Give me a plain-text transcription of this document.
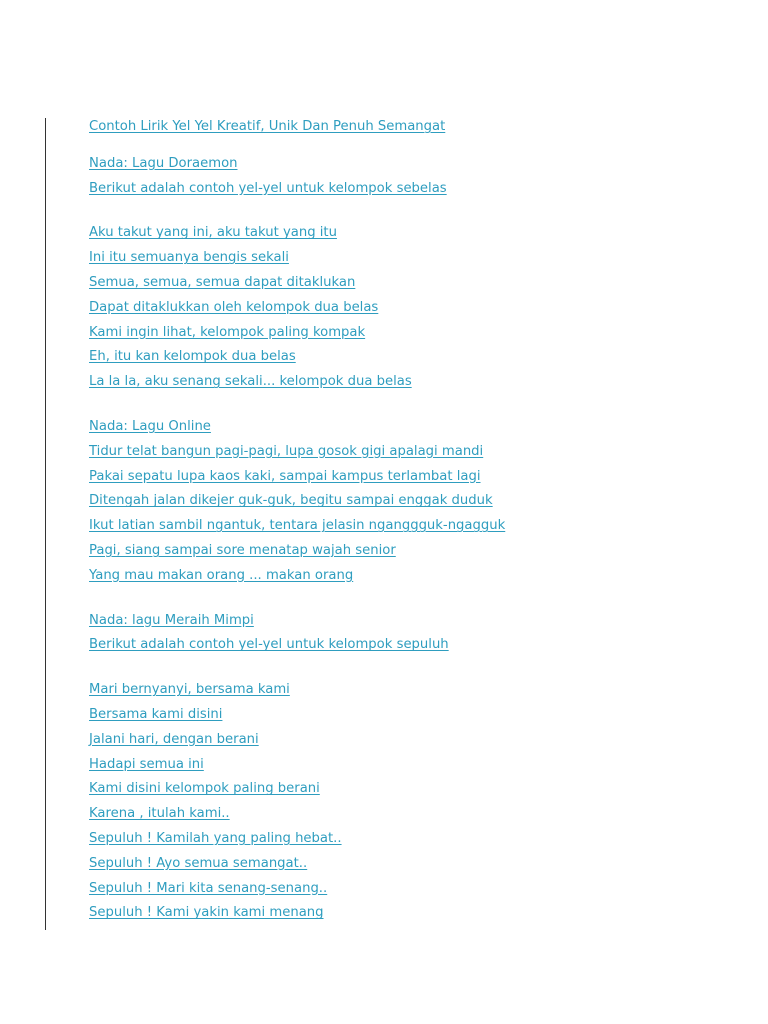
Contoh Lirik Yel Yel Kreatif, Unik Dan Penuh Semangat
Nada: Lagu Doraemon
Berikut adalah contoh yel-yel untuk kelompok sebelas
Aku takut yang ini, aku takut yang itu
Ini itu semuanya bengis sekali
Semua, semua, semua dapat ditaklukan
Dapat ditaklukkan oleh kelompok dua belas
Kami ingin lihat, kelompok paling kompak
Eh, itu kan kelompok dua belas
La la la, aku senang sekali... kelompok dua belas
Nada: Lagu Online
Tidur telat bangun pagi-pagi, lupa gosok gigi apalagi mandi
Pakai sepatu lupa kaos kaki, sampai kampus terlambat lagi
Ditengah jalan dikejer guk-guk, begitu sampai enggak duduk
Ikut latian sambil ngantuk, tentara jelasin nganggguk-ngagguk
Pagi, siang sampai sore menatap wajah senior
Yang mau makan orang ... makan orang
Nada: lagu Meraih Mimpi
Berikut adalah contoh yel-yel untuk kelompok sepuluh
Mari bernyanyi, bersama kami
Bersama kami disini
Jalani hari, dengan berani
Hadapi semua ini
Kami disini kelompok paling berani
Karena , itulah kami..
Sepuluh ! Kamilah yang paling hebat..
Sepuluh ! Ayo semua semangat..
Sepuluh ! Mari kita senang-senang..
Sepuluh ! Kami yakin kami menang
